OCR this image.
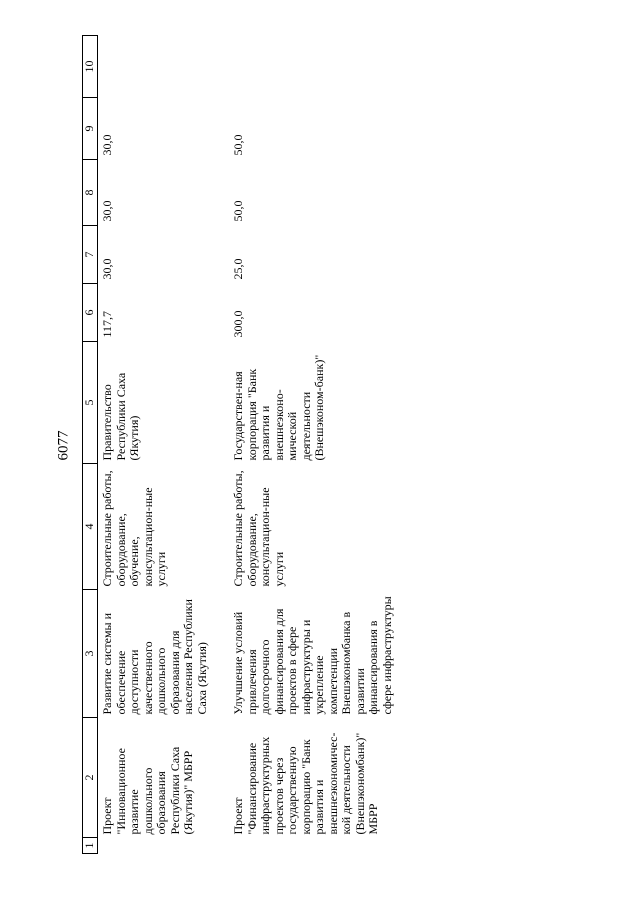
6077
1	2	3	4	5	6	7	8	9	10
	Проект "Инновационное развитие дошкольного образования Республики Саха (Якутия)" МБРР	Развитие системы и обеспечение доступности качественного дошкольного образования для населения Республики Саха (Якутия)	Строительные работы, оборудование, обучение, консультацион-ные услуги	Правительство Республики Саха (Якутия)	117,7	30,0	30,0	30,0	
	Проект "Финансирование инфраструктурных проектов через государственную корпорацию "Банк развития и внешнеэкономичес-кой деятельности (Внешэкономбанк)" МБРР	Улучшение условий привлечения долгосрочного финансирования для проектов в сфере инфраструктуры и укрепление компетенции Внешэкономбанка в развитии финансирования в сфере инфраструктуры	Строительные работы, оборудование, консультацион-ные услуги	Государствен-ная корпорация "Банк развития и внешнеэконо-мической деятельности (Внешэконом-банк)"	300,0	25,0	50,0	50,0	
